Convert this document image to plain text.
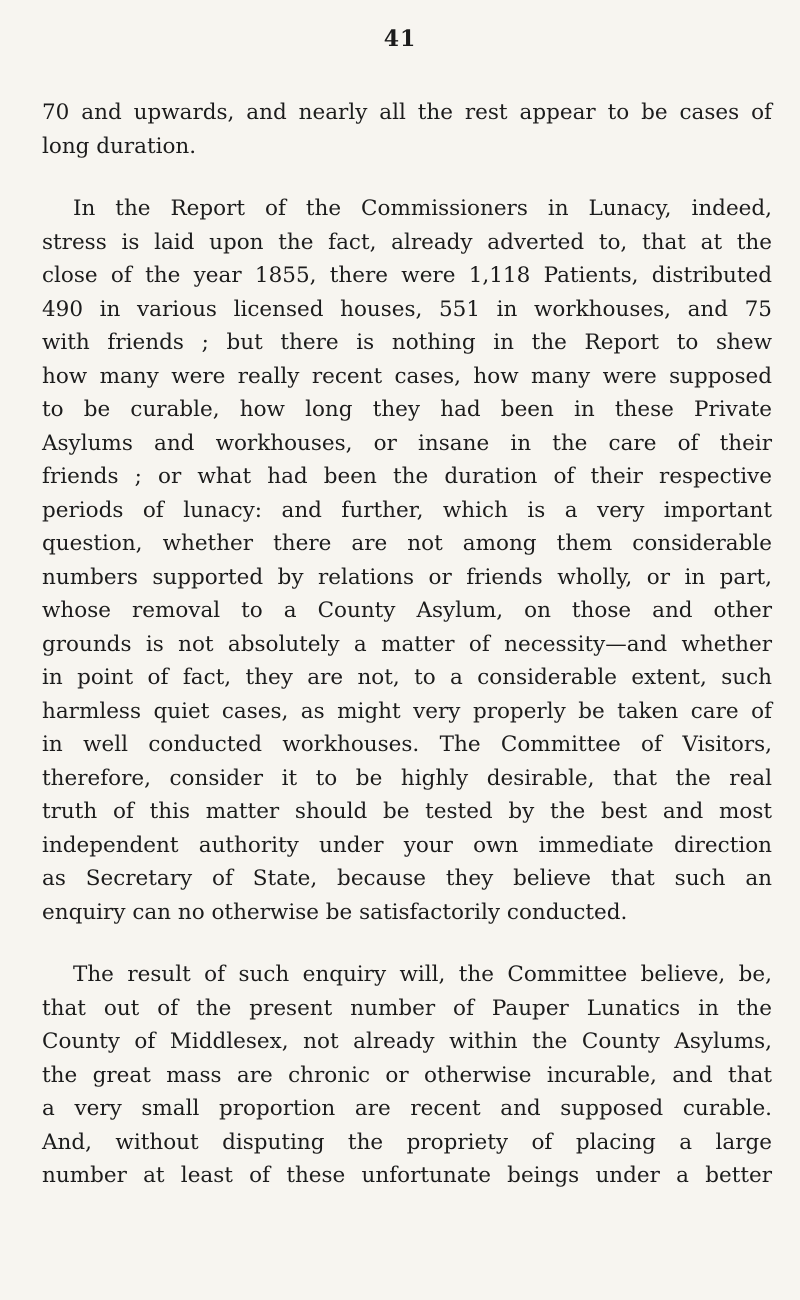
41
70 and upwards, and nearly all the rest appear to be cases of
long duration.
In the Report of the Commissioners in Lunacy, indeed,
stress is laid upon the fact, already adverted to, that at the
close of the year 1855, there were 1,118 Patients, distributed
490 in various licensed houses, 551 in workhouses, and 75
with friends ; but there is nothing in the Report to shew
how many were really recent cases, how many were supposed
to be curable, how long they had been in these Private
Asylums and workhouses, or insane in the care of their
friends ; or what had been the duration of their respective
periods of lunacy: and further, which is a very important
question, whether there are not among them considerable
numbers supported by relations or friends wholly, or in part,
whose removal to a County Asylum, on those and other
grounds is not absolutely a matter of necessity—and whether
in point of fact, they are not, to a considerable extent, such
harmless quiet cases, as might very properly be taken care of
in well conducted workhouses. The Committee of Visitors,
therefore, consider it to be highly desirable, that the real
truth of this matter should be tested by the best and most
independent authority under your own immediate direction
as Secretary of State, because they believe that such an
enquiry can no otherwise be satisfactorily conducted.
The result of such enquiry will, the Committee believe, be,
that out of the present number of Pauper Lunatics in the
County of Middlesex, not already within the County Asylums,
the great mass are chronic or otherwise incurable, and that
a very small proportion are recent and supposed curable.
And, without disputing the propriety of placing a large
number at least of these unfortunate beings under a better
